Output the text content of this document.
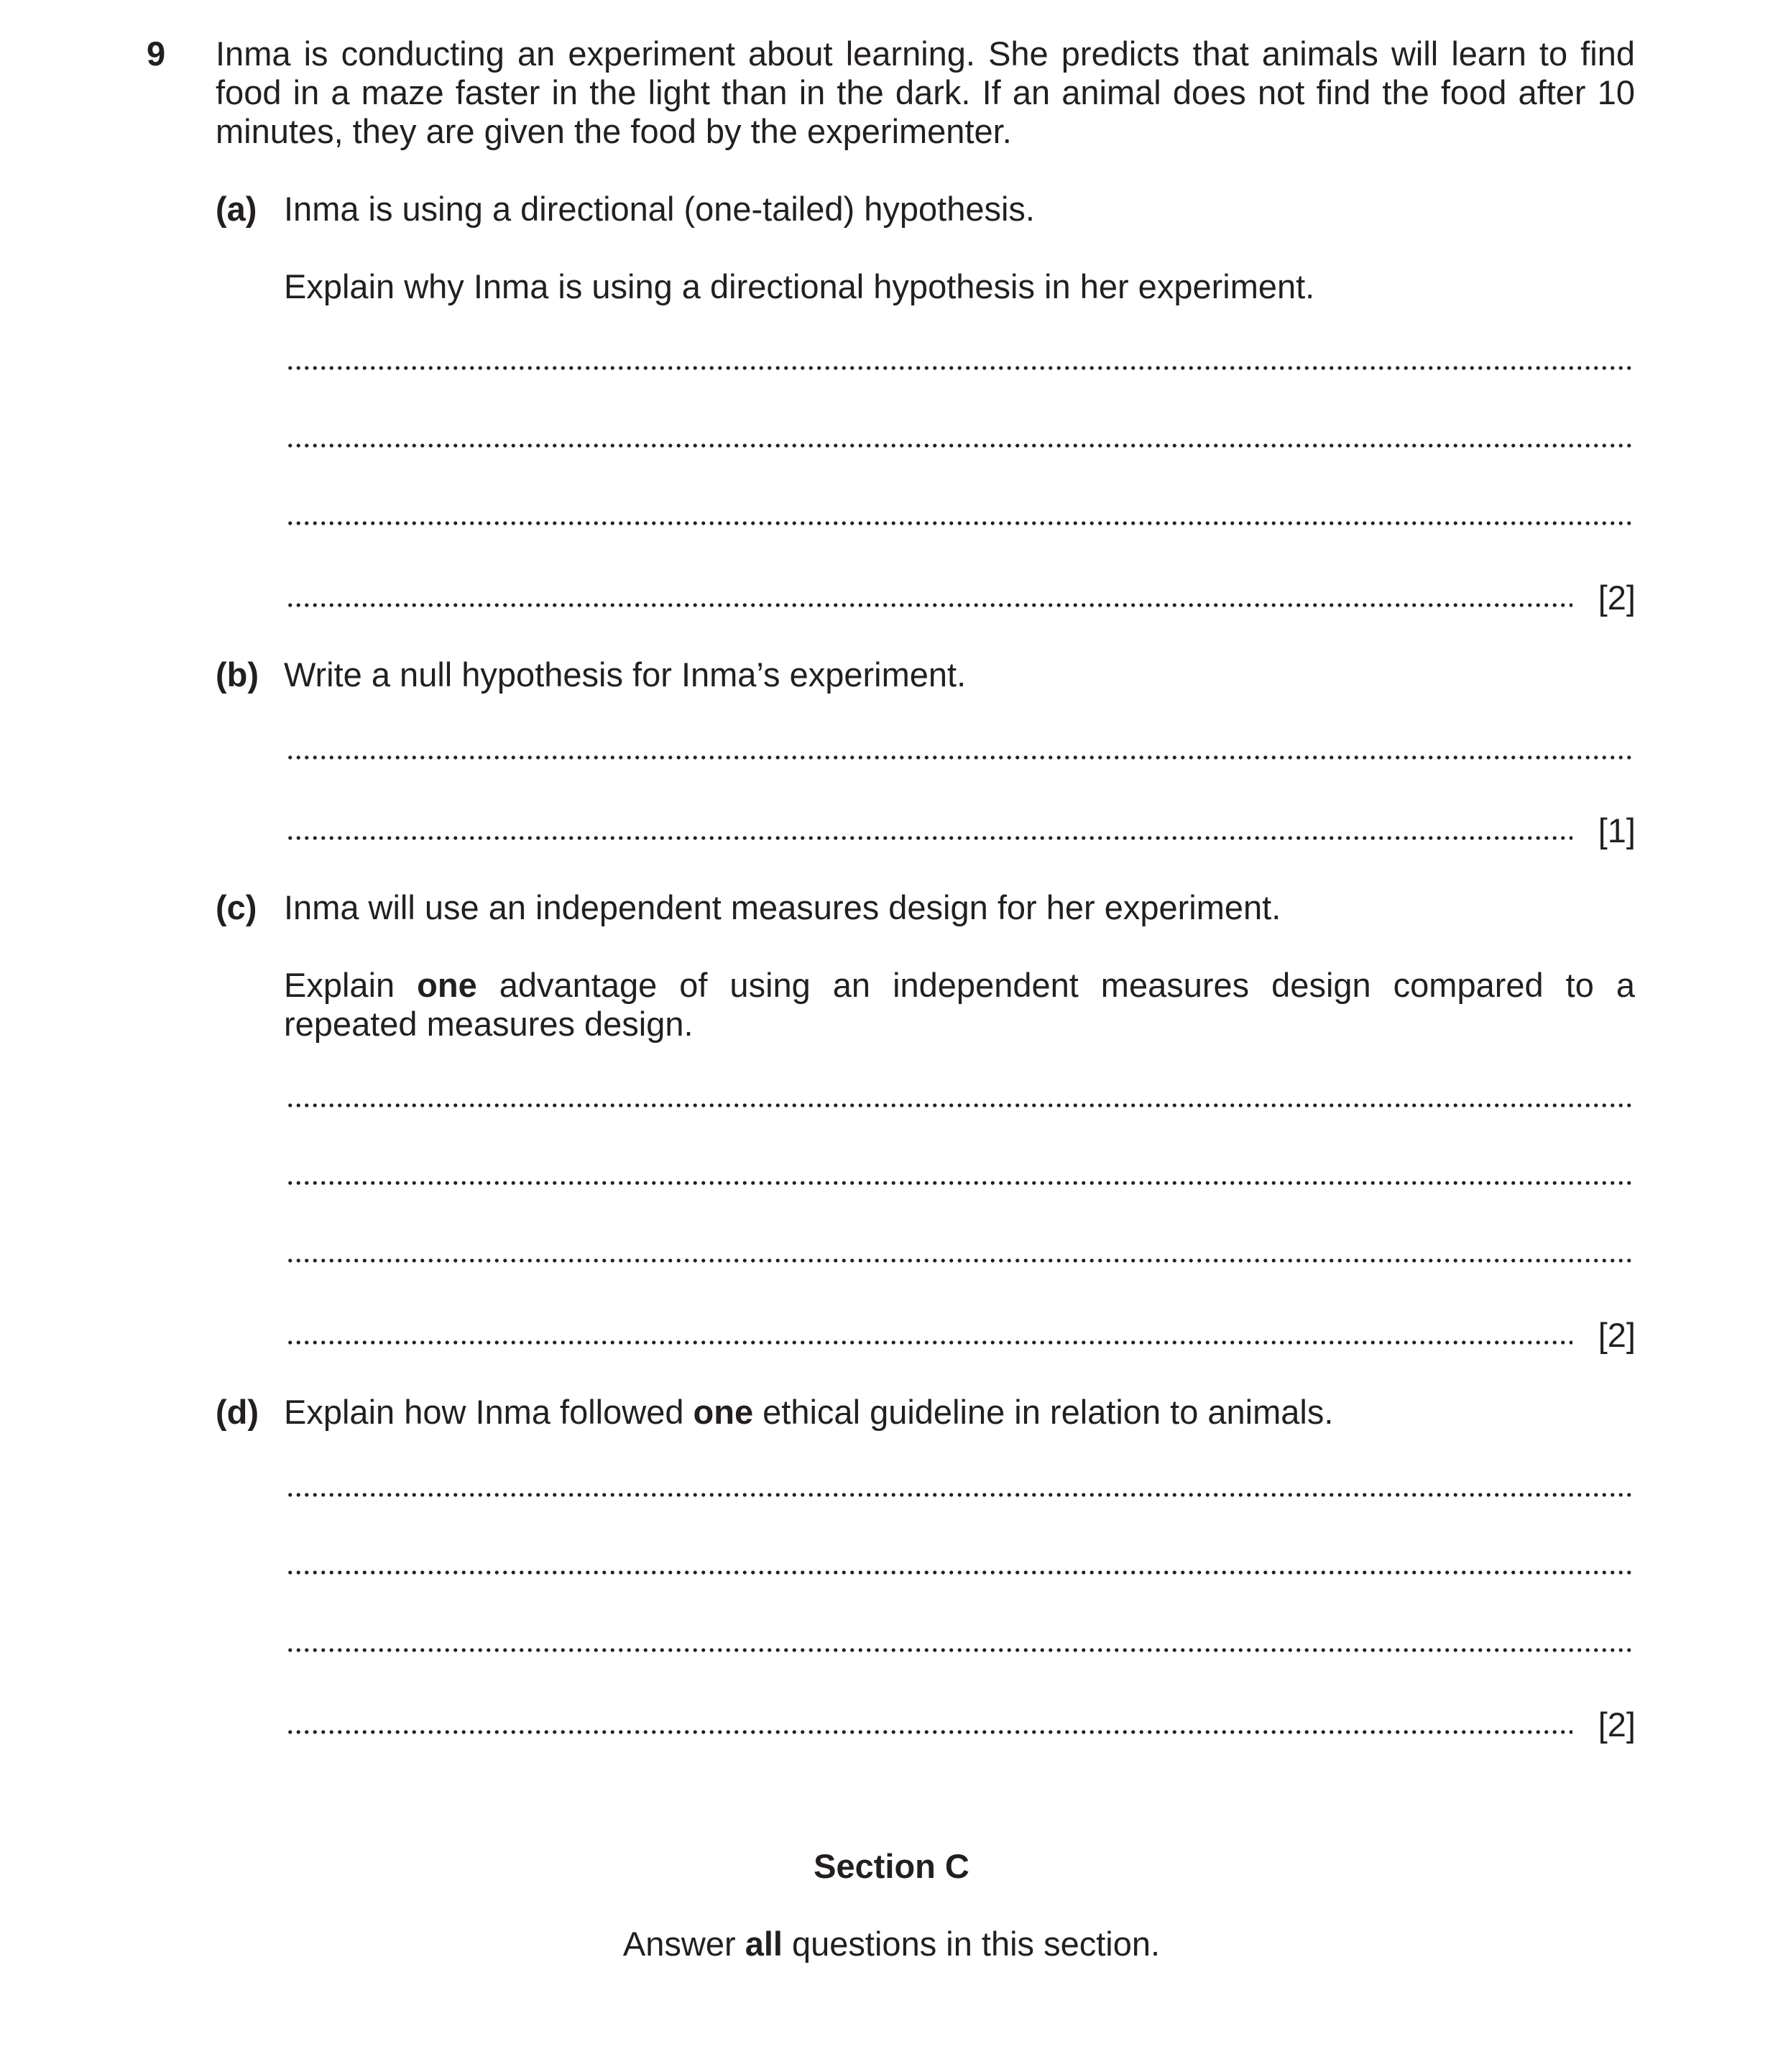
9 Inma is conducting an experiment about learning. She predicts that animals will learn to find food in a maze faster in the light than in the dark. If an animal does not find the food after 10 minutes, they are given the food by the experimenter.
(a) Inma is using a directional (one-tailed) hypothesis.
Explain why Inma is using a directional hypothesis in her experiment.
[2]
(b) Write a null hypothesis for Inma’s experiment.
[1]
(c) Inma will use an independent measures design for her experiment.
Explain one advantage of using an independent measures design compared to a repeated measures design.
[2]
(d) Explain how Inma followed one ethical guideline in relation to animals.
[2]
Section C
Answer all questions in this section.
